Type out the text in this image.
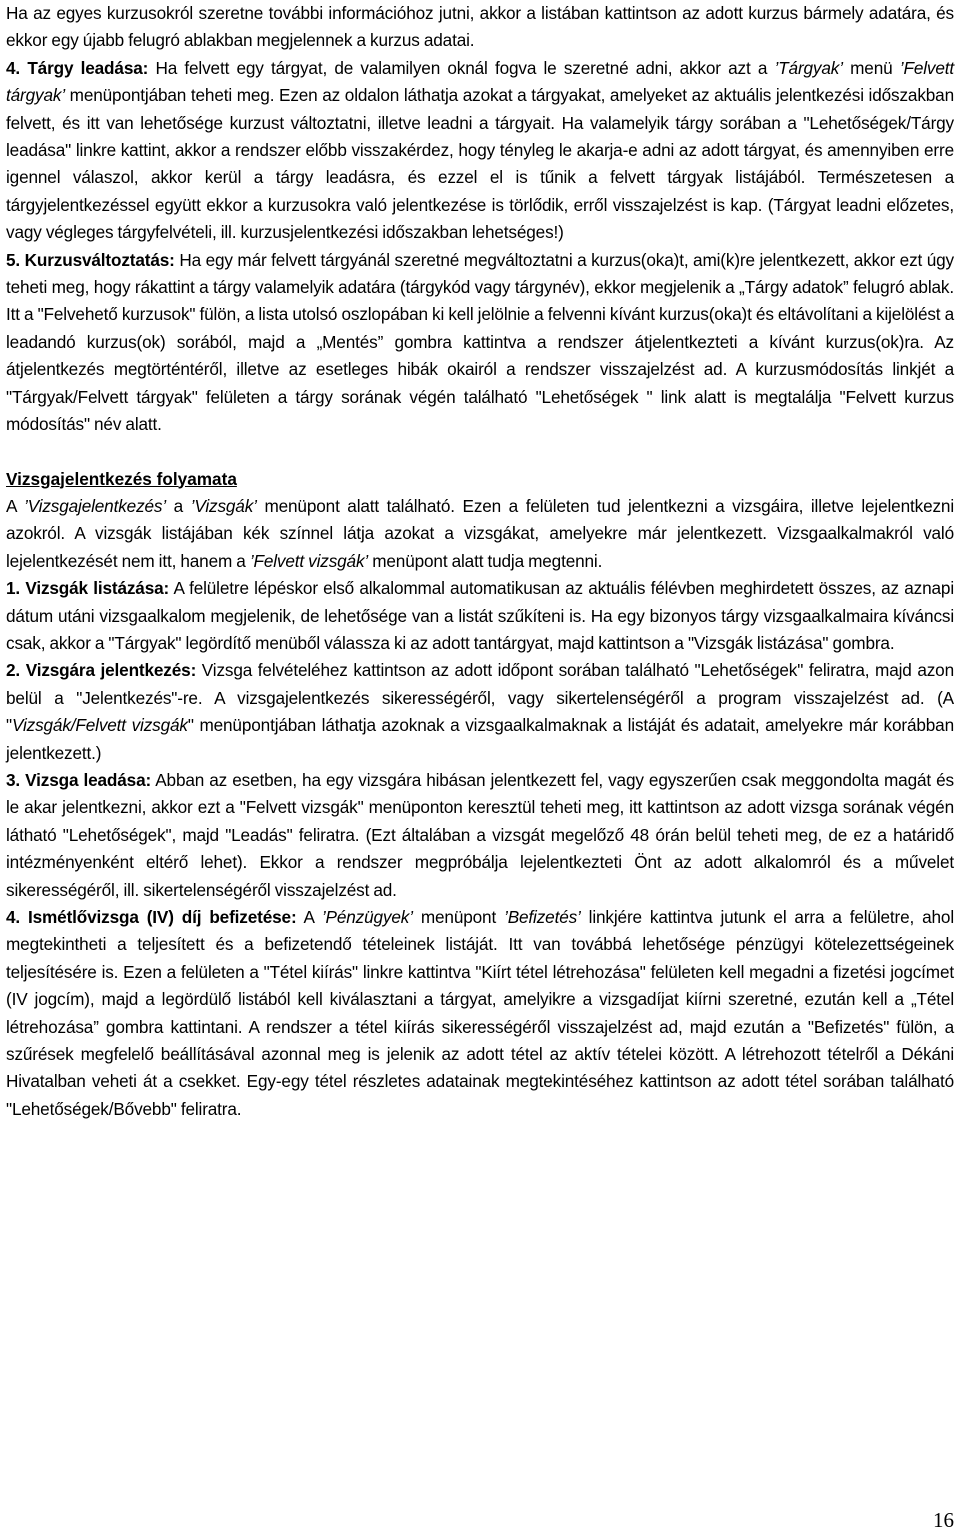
Ha az egyes kurzusokról szeretne további információhoz jutni, akkor a listában kattintson az adott kurzus bármely adatára, és ekkor egy újabb felugró ablakban megjelennek a kurzus adatai.

4. Tárgy leadása: Ha felvett egy tárgyat, de valamilyen oknál fogva le szeretné adni, akkor azt a ’Tárgyak’ menü ’Felvett tárgyak’ menüpontjában teheti meg. Ezen az oldalon láthatja azokat a tárgyakat, amelyeket az aktuális jelentkezési időszakban felvett, és itt van lehetősége kurzust változtatni, illetve leadni a tárgyait. Ha valamelyik tárgy sorában a "Lehetőségek/Tárgy leadása" linkre kattint, akkor a rendszer előbb visszakérdez, hogy tényleg le akarja-e adni az adott tárgyat, és amennyiben erre igennel válaszol, akkor kerül a tárgy leadásra, és ezzel el is tűnik a felvett tárgyak listájából. Természetesen a tárgyjelentkezéssel együtt ekkor a kurzusokra való jelentkezése is törlődik, erről visszajelzést is kap. (Tárgyat leadni előzetes, vagy végleges tárgyfelvételi, ill. kurzusjelentkezési időszakban lehetséges!)

5. Kurzusváltoztatás: Ha egy már felvett tárgyánál szeretné megváltoztatni a kurzus(oka)t, ami(k)re jelentkezett, akkor ezt úgy teheti meg, hogy rákattint a tárgy valamelyik adatára (tárgykód vagy tárgynév), ekkor megjelenik a „Tárgy adatok” felugró ablak. Itt a "Felvehető kurzusok" fülön, a lista utolsó oszlopában ki kell jelölnie a felvenni kívánt kurzus(oka)t és eltávolítani a kijelölést a leadandó kurzus(ok) sorából, majd a „Mentés” gombra kattintva a rendszer átjelentkezteti a kívánt kurzus(ok)ra. Az átjelentkezés megtörténtéről, illetve az esetleges hibák okairól a rendszer visszajelzést ad. A kurzusmódosítás linkjét a "Tárgyak/Felvett tárgyak" felületen a tárgy sorának végén található "Lehetőségek " link alatt is megtalálja "Felvett kurzus módosítás" név alatt.

Vizsgajelentkezés folyamata

A ’Vizsgajelentkezés’ a ’Vizsgák’ menüpont alatt található. Ezen a felületen tud jelentkezni a vizsgáira, illetve lejelentkezni azokról. A vizsgák listájában kék színnel látja azokat a vizsgákat, amelyekre már jelentkezett. Vizsgaalkalmakról való lejelentkezését nem itt, hanem a ’Felvett vizsgák’ menüpont alatt tudja megtenni.

1. Vizsgák listázása: A felületre lépéskor első alkalommal automatikusan az aktuális félévben meghirdetett összes, az aznapi dátum utáni vizsgaalkalom megjelenik, de lehetősége van a listát szűkíteni is. Ha egy bizonyos tárgy vizsgaalkalmaira kíváncsi csak, akkor a "Tárgyak" legördítő menüből válassza ki az adott tantárgyat, majd kattintson a "Vizsgák listázása" gombra.

2. Vizsgára jelentkezés: Vizsga felvételéhez kattintson az adott időpont sorában található "Lehetőségek" feliratra, majd azon belül a "Jelentkezés"-re. A vizsgajelentkezés sikerességéről, vagy sikertelenségéről a program visszajelzést ad. (A "Vizsgák/Felvett vizsgák" menüpontjában láthatja azoknak a vizsgaalkalmaknak a listáját és adatait, amelyekre már korábban jelentkezett.)

3. Vizsga leadása: Abban az esetben, ha egy vizsgára hibásan jelentkezett fel, vagy egyszerűen csak meggondolta magát és le akar jelentkezni, akkor ezt a "Felvett vizsgák" menüponton keresztül teheti meg, itt kattintson az adott vizsga sorának végén látható "Lehetőségek", majd "Leadás" feliratra. (Ezt általában a vizsgát megelőző 48 órán belül teheti meg, de ez a határidő intézményenként eltérő lehet). Ekkor a rendszer megpróbálja lejelentkezteti Önt az adott alkalomról és a művelet sikerességéről, ill. sikertelenségéről visszajelzést ad.

4. Ismétlővizsga (IV) díj befizetése: A ’Pénzügyek’ menüpont ’Befizetés’ linkjére kattintva jutunk el arra a felületre, ahol megtekintheti a teljesített és a befizetendő tételeinek listáját. Itt van továbbá lehetősége pénzügyi kötelezettségeinek teljesítésére is. Ezen a felületen a "Tétel kiírás" linkre kattintva "Kiírt tétel létrehozása" felületen kell megadni a fizetési jogcímet (IV jogcím), majd a legördülő listából kell kiválasztani a tárgyat, amelyikre a vizsgadíjat kiírni szeretné, ezután kell a „Tétel létrehozása” gombra kattintani. A rendszer a tétel kiírás sikerességéről visszajelzést ad, majd ezután a "Befizetés" fülön, a szűrések megfelelő beállításával azonnal meg is jelenik az adott tétel az aktív tételei között. A létrehozott tételről a Dékáni Hivatalban veheti át a csekket. Egy-egy tétel részletes adatainak megtekintéséhez kattintson az adott tétel sorában található "Lehetőségek/Bővebb" feliratra.

16
